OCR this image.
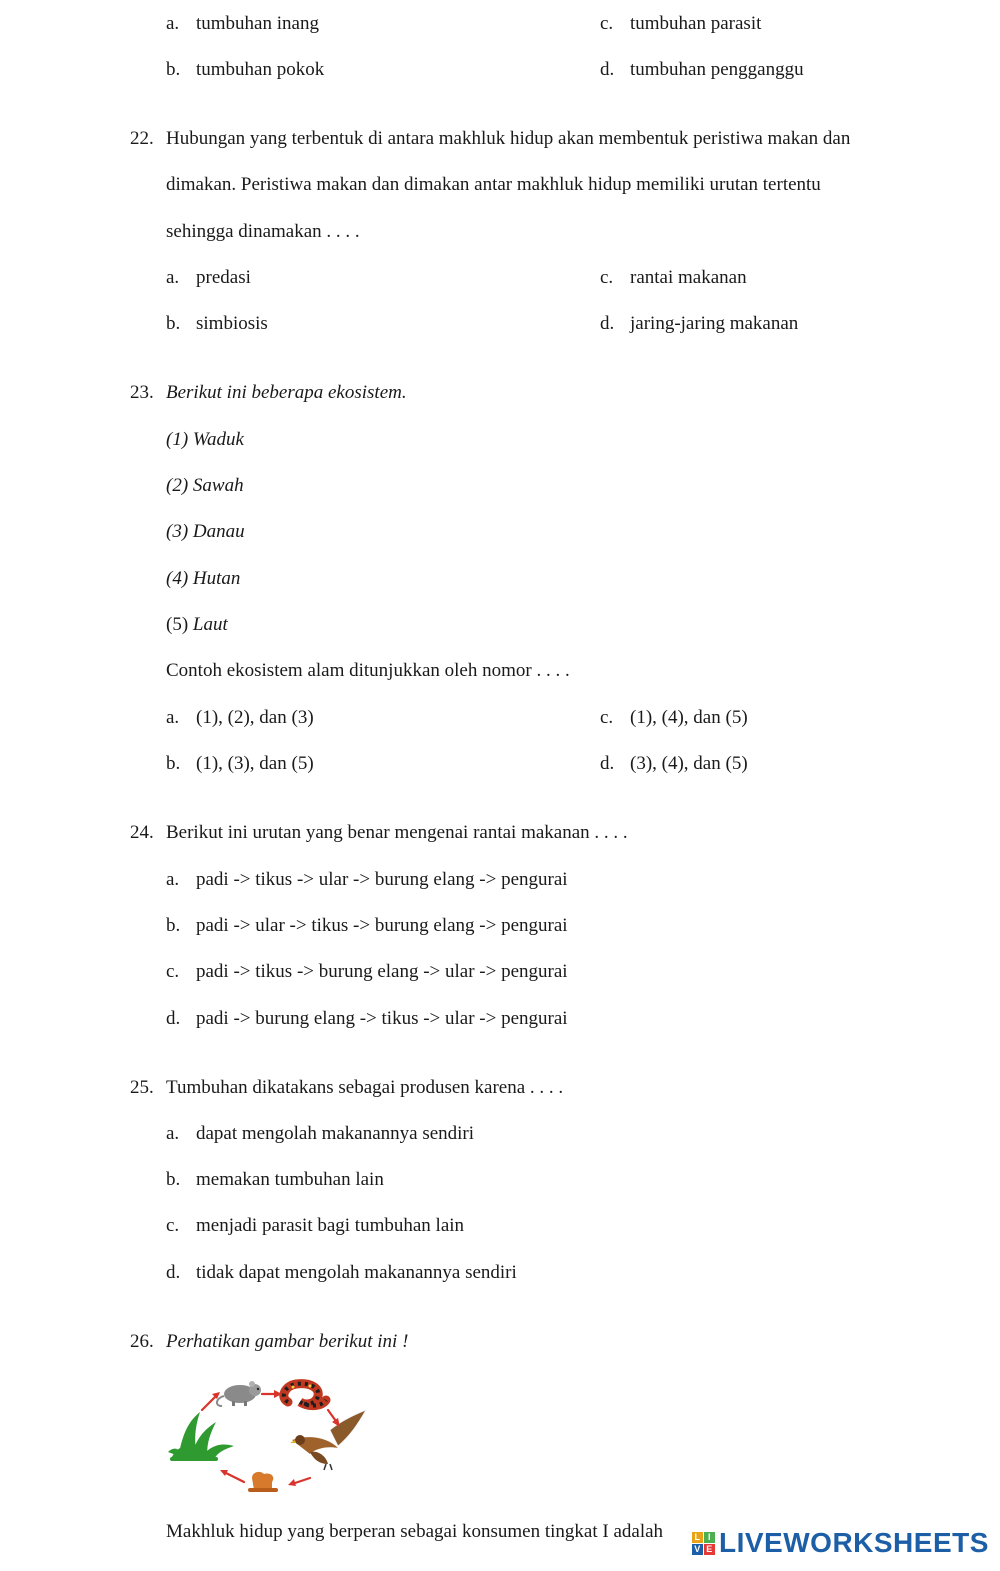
a. tumbuhan inang	c. tumbuhan parasit
b. tumbuhan pokok	d. tumbuhan pengganggu
22. Hubungan yang terbentuk di antara makhluk hidup akan membentuk peristiwa makan dan
dimakan. Peristiwa makan dan dimakan antar makhluk hidup memiliki urutan tertentu
sehingga dinamakan . . . .
a. predasi	c. rantai makanan
b. simbiosis	d. jaring-jaring makanan
23. Berikut ini beberapa ekosistem.
(1) Waduk
(2) Sawah
(3) Danau
(4) Hutan
(5) Laut
Contoh ekosistem alam ditunjukkan oleh nomor . . . .
a. (1), (2), dan (3)	c. (1), (4), dan (5)
b. (1), (3), dan (5)	d. (3), (4), dan (5)
24. Berikut ini urutan yang benar mengenai rantai makanan . . . .
a. padi -> tikus -> ular -> burung elang -> pengurai
b. padi -> ular -> tikus -> burung elang -> pengurai
c. padi -> tikus -> burung elang -> ular -> pengurai
d. padi -> burung elang -> tikus -> ular -> pengurai
25. Tumbuhan dikatakans sebagai produsen karena . . . .
a. dapat mengolah makanannya sendiri
b. memakan tumbuhan lain
c. menjadi parasit bagi tumbuhan lain
d. tidak dapat mengolah makanannya sendiri
26. Perhatikan gambar berikut ini !
Makhluk hidup yang berperan sebagai konsumen tingkat I adalah	L I
V E LIVEWORKSHEETS
